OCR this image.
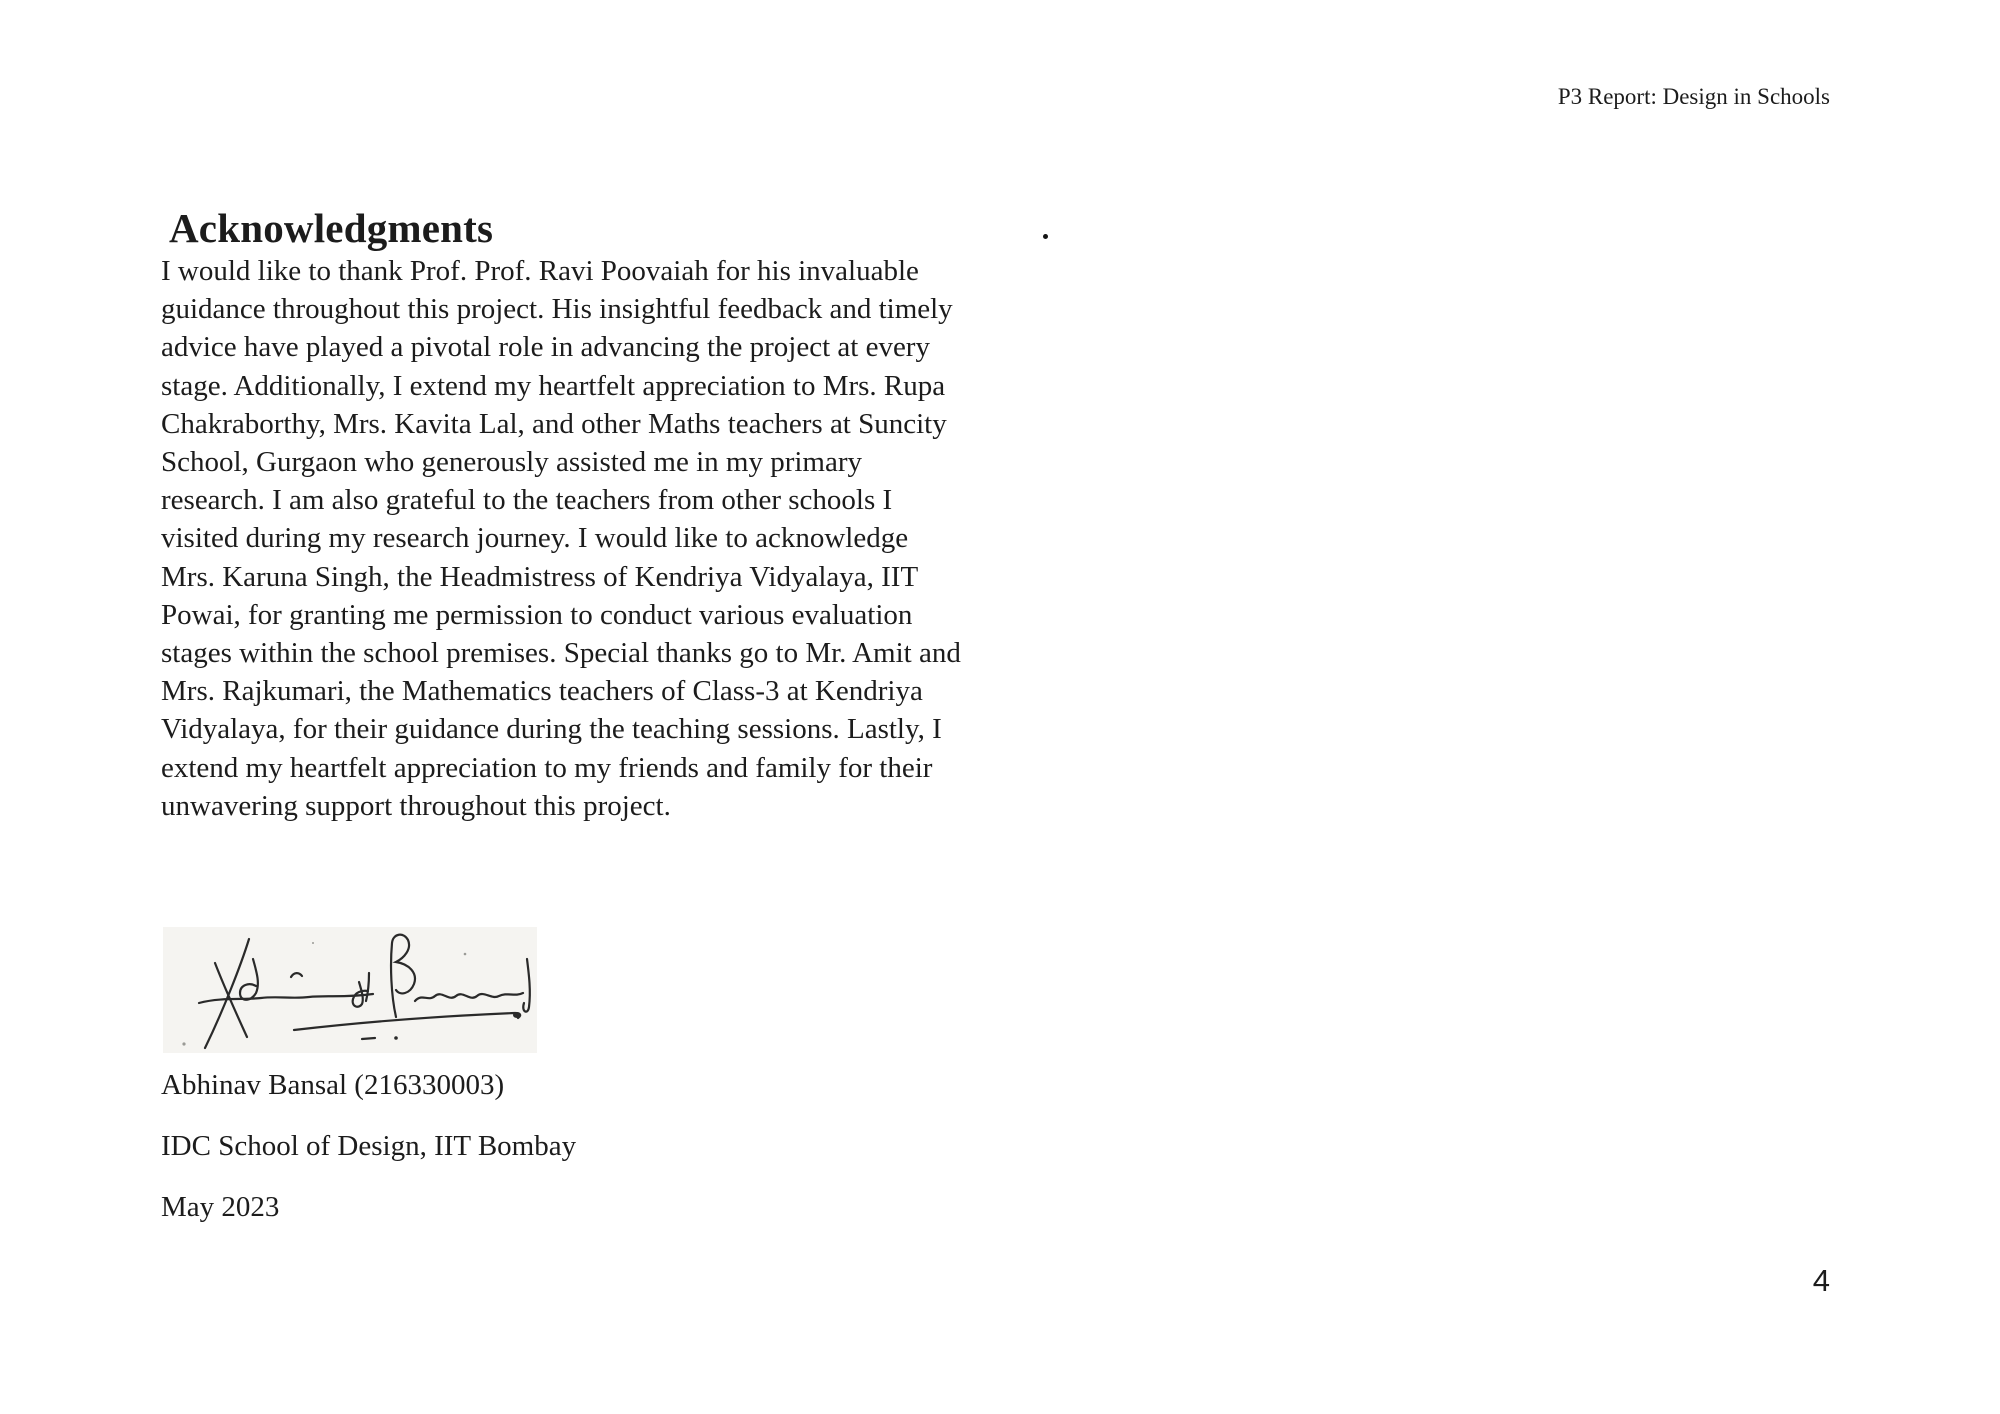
P3 Report: Design in Schools
Acknowledgments
I would like to thank Prof. Prof. Ravi Poovaiah for his invaluable
guidance throughout this project. His insightful feedback and timely
advice have played a pivotal role in advancing the project at every
stage. Additionally, I extend my heartfelt appreciation to Mrs. Rupa
Chakraborthy, Mrs. Kavita Lal, and other Maths teachers at Suncity
School, Gurgaon who generously assisted me in my primary
research. I am also grateful to the teachers from other schools I
visited during my research journey. I would like to acknowledge
Mrs. Karuna Singh, the Headmistress of Kendriya Vidyalaya, IIT
Powai, for granting me permission to conduct various evaluation
stages within the school premises. Special thanks go to Mr. Amit and
Mrs. Rajkumari, the Mathematics teachers of Class-3 at Kendriya
Vidyalaya, for their guidance during the teaching sessions. Lastly, I
extend my heartfelt appreciation to my friends and family for their
unwavering support throughout this project.
Abhinav Bansal (216330003)
IDC School of Design, IIT Bombay
May 2023
4
